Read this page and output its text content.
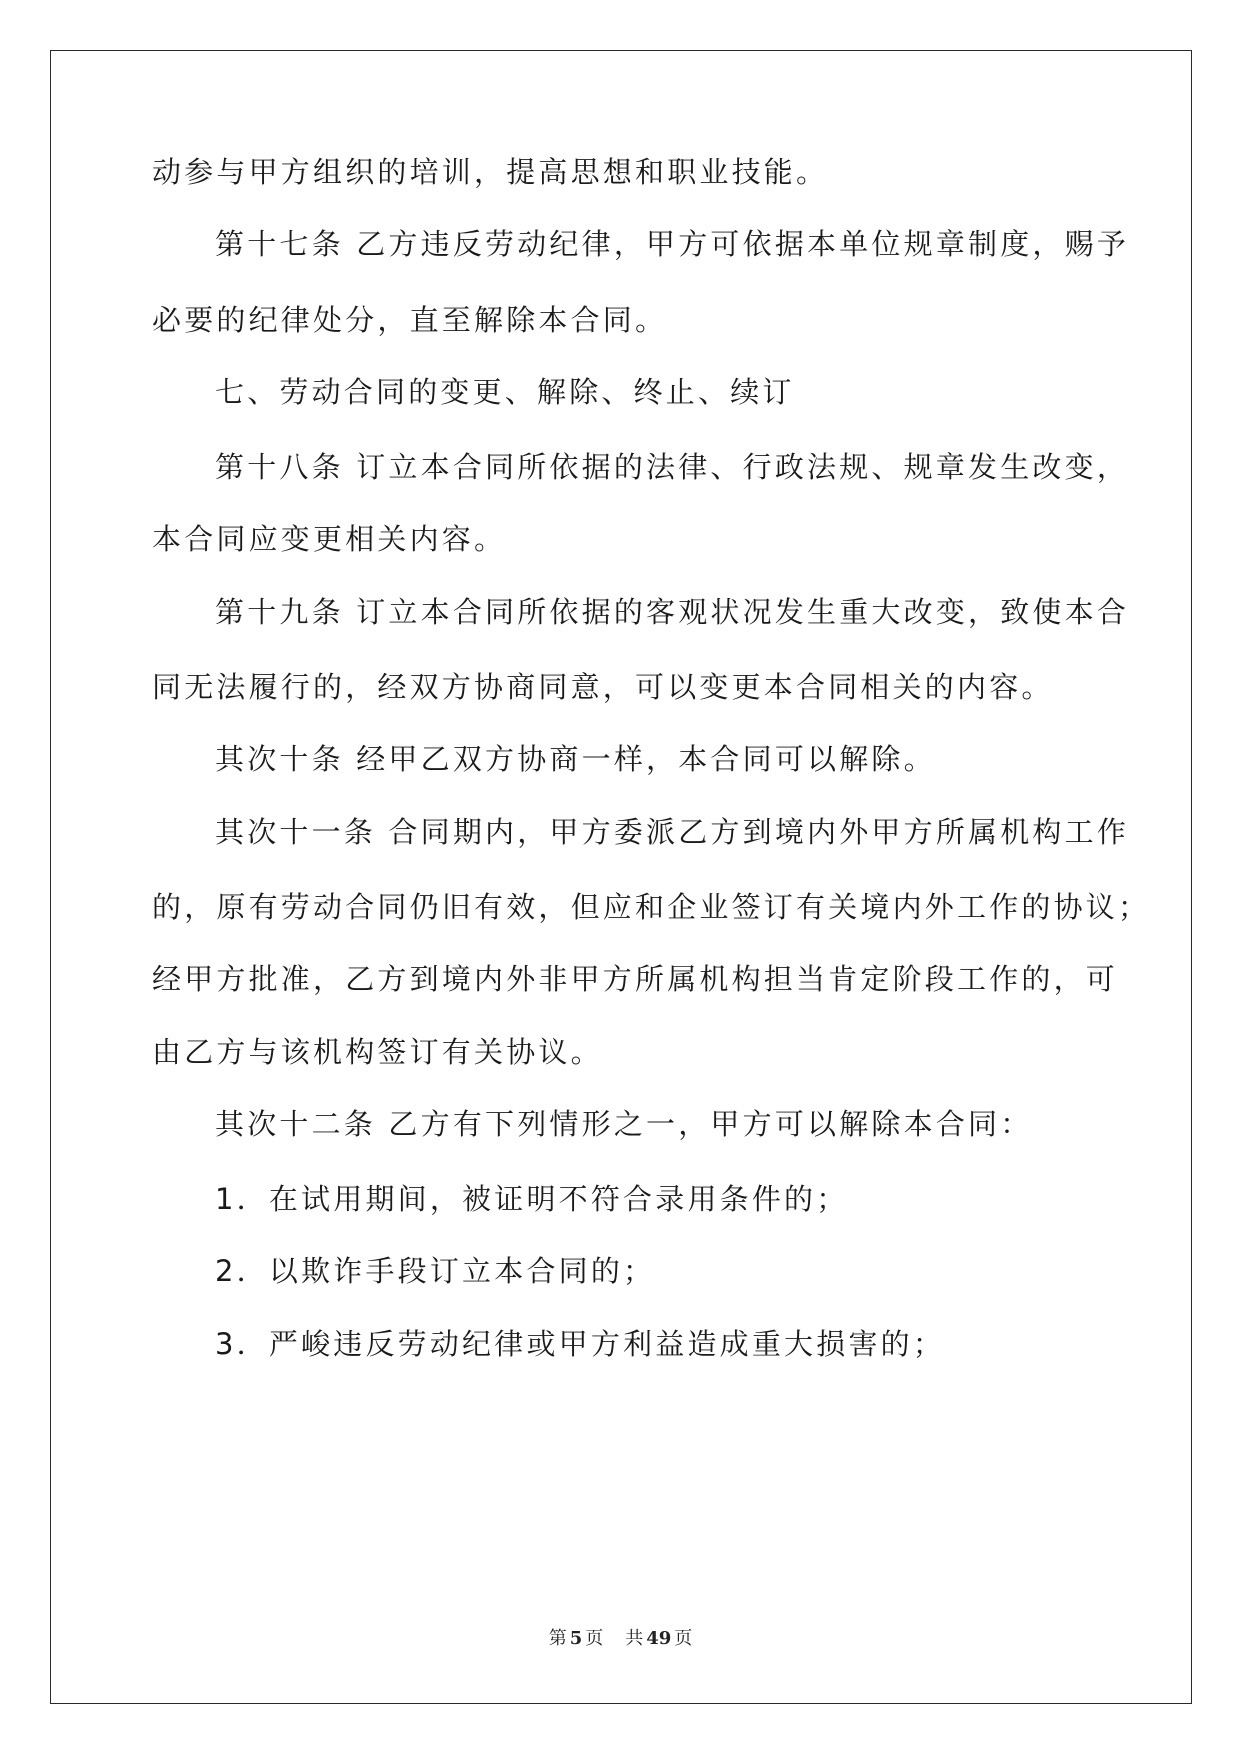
动参与甲方组织的培训，提高思想和职业技能。
第十七条 乙方违反劳动纪律，甲方可依据本单位规章制度，赐予
必要的纪律处分，直至解除本合同。
七、劳动合同的变更、解除、终止、续订
第十八条 订立本合同所依据的法律、行政法规、规章发生改变，
本合同应变更相关内容。
第十九条 订立本合同所依据的客观状况发生重大改变，致使本合
同无法履行的，经双方协商同意，可以变更本合同相关的内容。
其次十条 经甲乙双方协商一样，本合同可以解除。
其次十一条 合同期内，甲方委派乙方到境内外甲方所属机构工作
的，原有劳动合同仍旧有效，但应和企业签订有关境内外工作的协议；
经甲方批准，乙方到境内外非甲方所属机构担当肯定阶段工作的，可
由乙方与该机构签订有关协议。
其次十二条 乙方有下列情形之一，甲方可以解除本合同：
1．在试用期间，被证明不符合录用条件的；
2．以欺诈手段订立本合同的；
3．严峻违反劳动纪律或甲方利益造成重大损害的；
第 5 页 共 49 页
